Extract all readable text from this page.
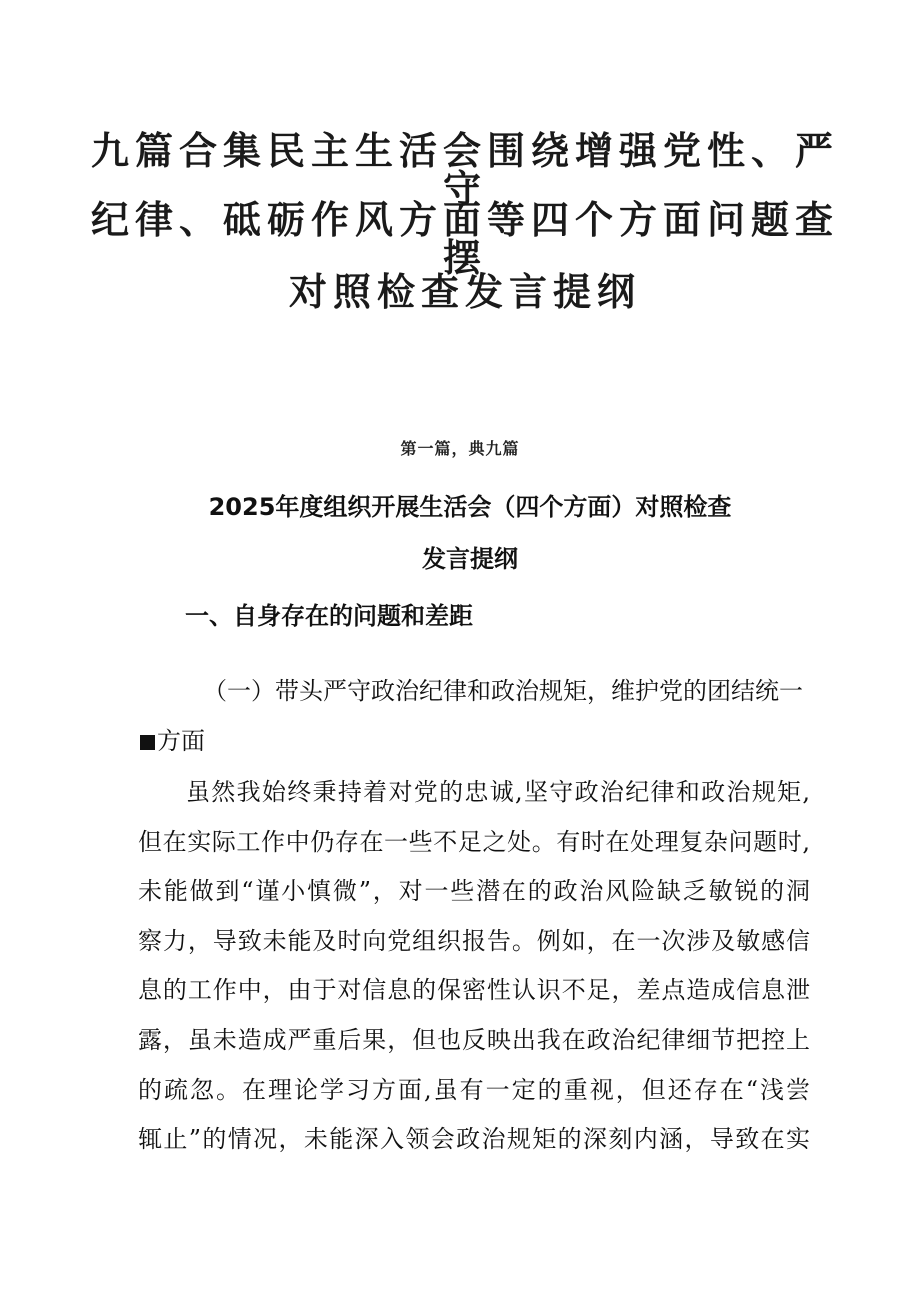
九篇合集民主生活会围绕增强党性、严守
纪律、砥砺作风方面等四个方面问题查摆
对照检查发言提纲

第一篇，典九篇

2025年度组织开展生活会（四个方面）对照检查
发言提纲
一、自身存在的问题和差距

（一）带头严守政治纪律和政治规矩，维护党的团结统一方面

虽然我始终秉持着对党的忠诚,坚守政治纪律和政治规矩,
但在实际工作中仍存在一些不足之处。有时在处理复杂问题时,
未能做到“谨小慎微”，对一些潜在的政治风险缺乏敏锐的洞
察力，导致未能及时向党组织报告。例如，在一次涉及敏感信
息的工作中，由于对信息的保密性认识不足，差点造成信息泄
露，虽未造成严重后果，但也反映出我在政治纪律细节把控上
的疏忽。在理论学习方面,虽有一定的重视，但还存在“浅尝
辄止”的情况，未能深入领会政治规矩的深刻内涵，导致在实
